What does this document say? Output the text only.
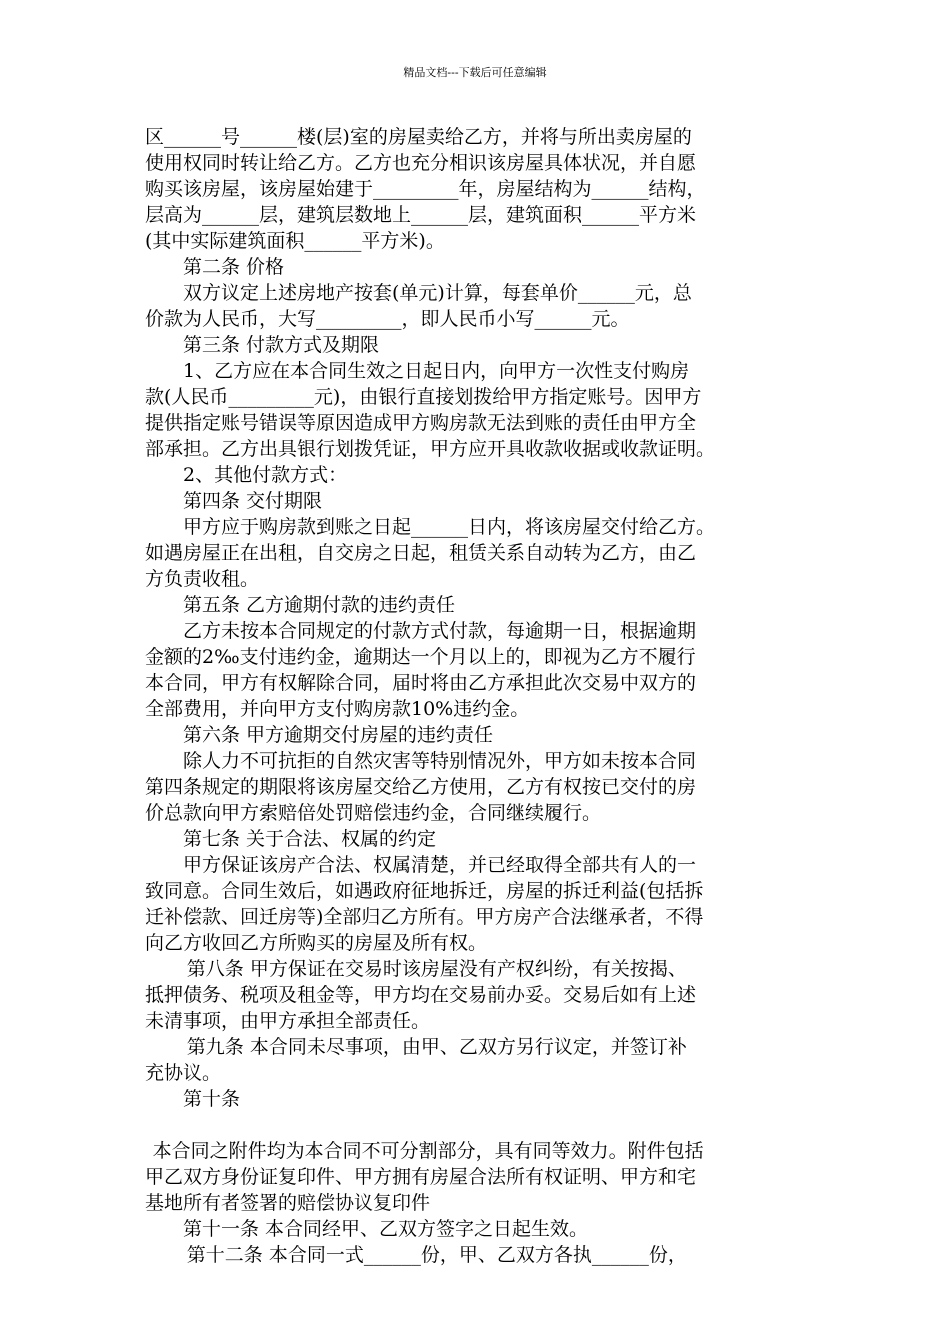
精品文档---下载后可任意编辑

区______号______楼(层)室的房屋卖给乙方，并将与所出卖房屋的

使用权同时转让给乙方。乙方也充分相识该房屋具体状况，并自愿

购买该房屋，该房屋始建于_________年，房屋结构为______结构，

层高为______层，建筑层数地上______层，建筑面积______平方米

(其中实际建筑面积______平方米)。

第二条 价格

双方议定上述房地产按套(单元)计算，每套单价______元，总

价款为人民币，大写_________，即人民币小写______元。

第三条 付款方式及期限

1、乙方应在本合同生效之日起日内，向甲方一次性支付购房

款(人民币_________元)，由银行直接划拨给甲方指定账号。因甲方

提供指定账号错误等原因造成甲方购房款无法到账的责任由甲方全

部承担。乙方出具银行划拨凭证，甲方应开具收款收据或收款证明。

2、其他付款方式：

第四条 交付期限

甲方应于购房款到账之日起______日内，将该房屋交付给乙方。

如遇房屋正在出租，自交房之日起，租赁关系自动转为乙方，由乙

方负责收租。

第五条 乙方逾期付款的违约责任

乙方未按本合同规定的付款方式付款，每逾期一日，根据逾期

金额的2‰支付违约金，逾期达一个月以上的，即视为乙方不履行

本合同，甲方有权解除合同，届时将由乙方承担此次交易中双方的

全部费用，并向甲方支付购房款10%违约金。

第六条 甲方逾期交付房屋的违约责任

除人力不可抗拒的自然灾害等特别情况外，甲方如未按本合同

第四条规定的期限将该房屋交给乙方使用，乙方有权按已交付的房

价总款向甲方索赔倍处罚赔偿违约金，合同继续履行。

第七条 关于合法、权属的约定

甲方保证该房产合法、权属清楚，并已经取得全部共有人的一

致同意。合同生效后，如遇政府征地拆迁，房屋的拆迁利益(包括拆

迁补偿款、回迁房等)全部归乙方所有。甲方房产合法继承者，不得

向乙方收回乙方所购买的房屋及所有权。

第八条 甲方保证在交易时该房屋没有产权纠纷，有关按揭、

抵押债务、税项及租金等，甲方均在交易前办妥。交易后如有上述

未清事项，由甲方承担全部责任。

第九条 本合同未尽事项，由甲、乙双方另行议定，并签订补

充协议。

第十条

本合同之附件均为本合同不可分割部分，具有同等效力。附件包括

甲乙双方身份证复印件、甲方拥有房屋合法所有权证明、甲方和宅

基地所有者签署的赔偿协议复印件

第十一条 本合同经甲、乙双方签字之日起生效。

第十二条 本合同一式______份，甲、乙双方各执______份，
